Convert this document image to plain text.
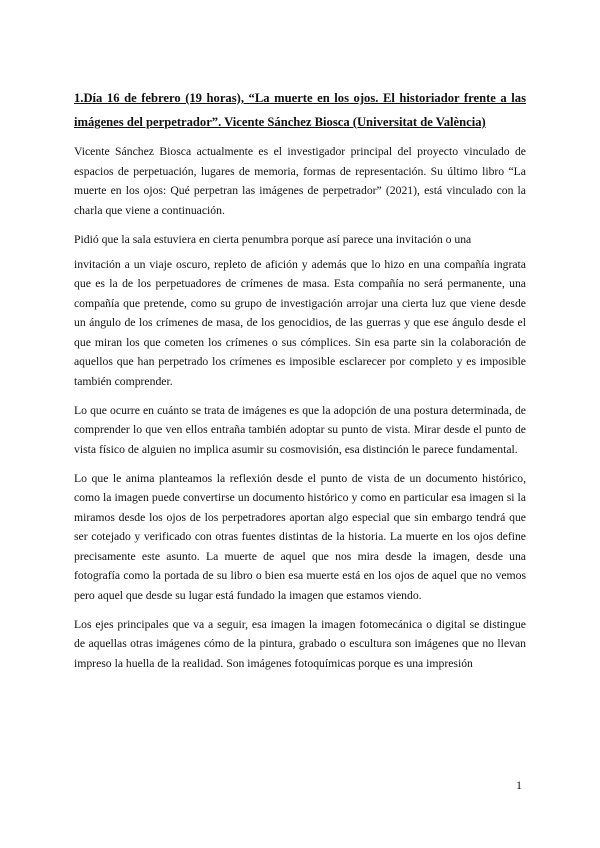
1.Día 16 de febrero (19 horas), “La muerte en los ojos. El historiador frente a las imágenes del perpetrador”. Vicente Sánchez Biosca (Universitat de València)

Vicente Sánchez Biosca actualmente es el investigador principal del proyecto vinculado de espacios de perpetuación, lugares de memoria, formas de representación. Su último libro “La muerte en los ojos: Qué perpetran las imágenes de perpetrador” (2021), está vinculado con la charla que viene a continuación.

Pidió que la sala estuviera en cierta penumbra porque así parece una invitación o una

invitación a un viaje oscuro, repleto de afición y además que lo hizo en una compañía ingrata que es la de los perpetuadores de crímenes de masa. Esta compañía no será permanente, una compañía que pretende, como su grupo de investigación arrojar una cierta luz que viene desde un ángulo de los crímenes de masa, de los genocidios, de las guerras y que ese ángulo desde el que miran los que cometen los crímenes o sus cómplices. Sin esa parte sin la colaboración de aquellos que han perpetrado los crímenes es imposible esclarecer por completo y es imposible también comprender.

Lo que ocurre en cuánto se trata de imágenes es que la adopción de una postura determinada, de comprender lo que ven ellos entraña también adoptar su punto de vista. Mirar desde el punto de vista físico de alguien no implica asumir su cosmovisión, esa distinción le parece fundamental.

Lo que le anima planteamos la reflexión desde el punto de vista de un documento histórico, como la imagen puede convertirse un documento histórico y como en particular esa imagen si la miramos desde los ojos de los perpetradores aportan algo especial que sin embargo tendrá que ser cotejado y verificado con otras fuentes distintas de la historia. La muerte en los ojos define precisamente este asunto. La muerte de aquel que nos mira desde la imagen, desde una fotografía como la portada de su libro o bien esa muerte está en los ojos de aquel que no vemos pero aquel que desde su lugar está fundado la imagen que estamos viendo.

Los ejes principales que va a seguir, esa imagen la imagen fotomecánica o digital se distingue de aquellas otras imágenes cómo de la pintura, grabado o escultura son imágenes que no llevan impreso la huella de la realidad. Son imágenes fotoquímicas porque es una impresión

1
